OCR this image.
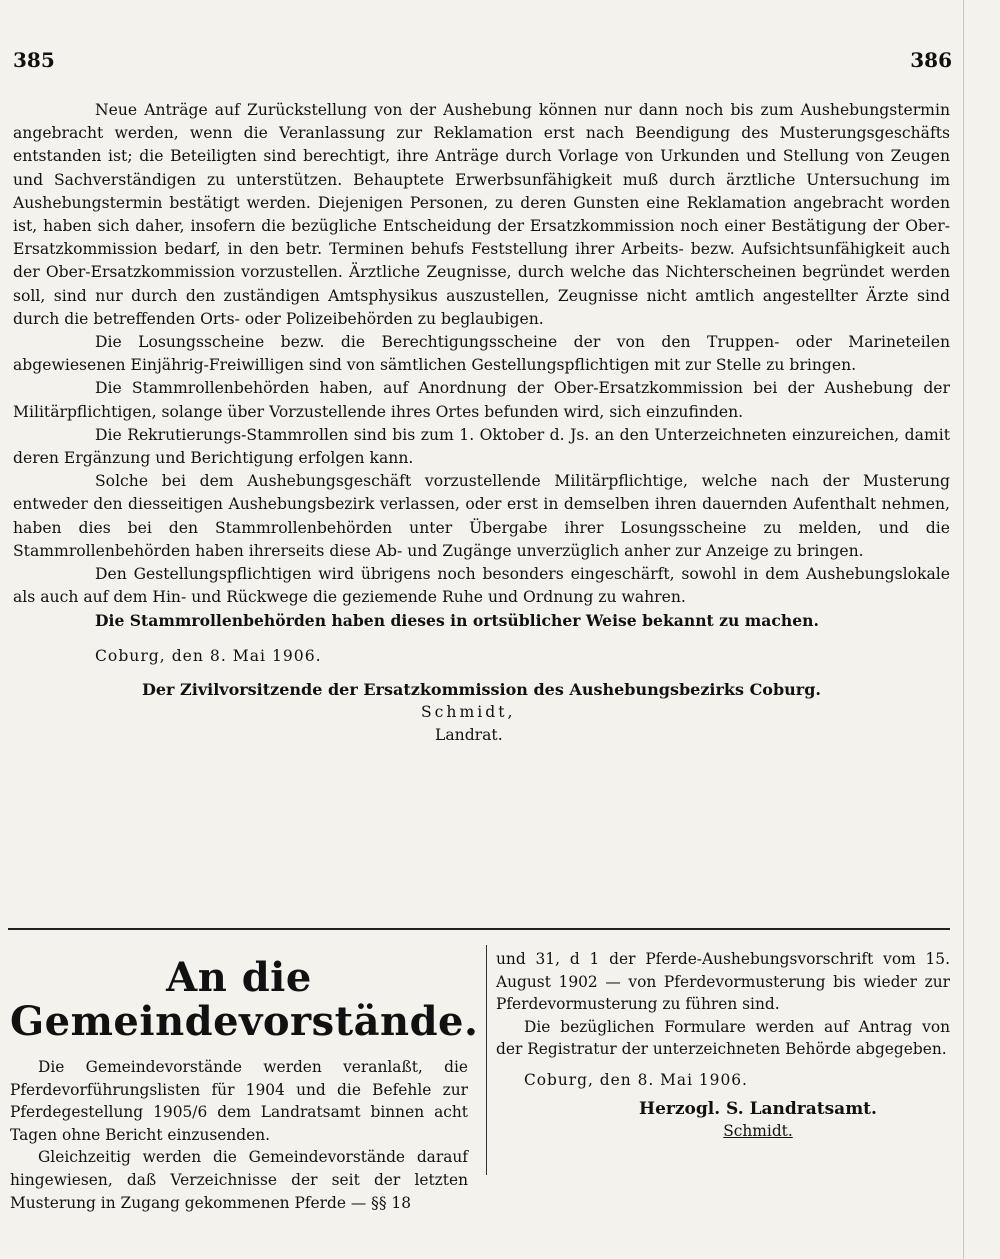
385	386

Neue Anträge auf Zurückstellung von der Aushebung können nur dann noch bis zum Aushebungstermin angebracht werden, wenn die Veranlassung zur Reklamation erst nach Beendigung des Musterungsgeschäfts entstanden ist; die Beteiligten sind berechtigt, ihre Anträge durch Vorlage von Urkunden und Stellung von Zeugen und Sachverständigen zu unterstützen. Behauptete Erwerbsunfähigkeit muß durch ärztliche Untersuchung im Aushebungstermin bestätigt werden. Diejenigen Personen, zu deren Gunsten eine Reklamation angebracht worden ist, haben sich daher, insofern die bezügliche Entscheidung der Ersatzkommission noch einer Bestätigung der Ober-Ersatzkommission bedarf, in den betr. Terminen behufs Feststellung ihrer Arbeits- bezw. Aufsichtsunfähigkeit auch der Ober-Ersatzkommission vorzustellen. Ärztliche Zeugnisse, durch welche das Nichterscheinen begründet werden soll, sind nur durch den zuständigen Amtsphysikus auszustellen, Zeugnisse nicht amtlich angestellter Ärzte sind durch die betreffenden Orts- oder Polizeibehörden zu beglaubigen.

Die Losungsscheine bezw. die Berechtigungsscheine der von den Truppen- oder Marineteilen abgewiesenen Einjährig-Freiwilligen sind von sämtlichen Gestellungspflichtigen mit zur Stelle zu bringen.

Die Stammrollenbehörden haben, auf Anordnung der Ober-Ersatzkommission bei der Aushebung der Militärpflichtigen, solange über Vorzustellende ihres Ortes befunden wird, sich einzufinden.

Die Rekrutierungs-Stammrollen sind bis zum 1. Oktober d. Js. an den Unterzeichneten einzureichen, damit deren Ergänzung und Berichtigung erfolgen kann.

Solche bei dem Aushebungsgeschäft vorzustellende Militärpflichtige, welche nach der Musterung entweder den diesseitigen Aushebungsbezirk verlassen, oder erst in demselben ihren dauernden Aufenthalt nehmen, haben dies bei den Stammrollenbehörden unter Übergabe ihrer Losungsscheine zu melden, und die Stammrollenbehörden haben ihrerseits diese Ab- und Zugänge unverzüglich anher zur Anzeige zu bringen.

Den Gestellungspflichtigen wird übrigens noch besonders eingeschärft, sowohl in dem Aushebungslokale als auch auf dem Hin- und Rückwege die geziemende Ruhe und Ordnung zu wahren.

Die Stammrollenbehörden haben dieses in ortsüblicher Weise bekannt zu machen.

Coburg, den 8. Mai 1906.

Der Zivilvorsitzende der Ersatzkommission des Aushebungsbezirks Coburg.

Schmidt,

Landrat.

An die Gemeindevorstände.

Die Gemeindevorstände werden veranlaßt, die Pferdevorführungslisten für 1904 und die Befehle zur Pferdegestellung 1905/6 dem Landratsamt binnen acht Tagen ohne Bericht einzusenden.

Gleichzeitig werden die Gemeindevorstände darauf hingewiesen, daß Verzeichnisse der seit der letzten Musterung in Zugang gekommenen Pferde — §§ 18

und 31, d 1 der Pferde-Aushebungsvorschrift vom 15. August 1902 — von Pferdevormusterung bis wieder zur Pferdevormusterung zu führen sind.

Die bezüglichen Formulare werden auf Antrag von der Registratur der unterzeichneten Behörde abgegeben.

Coburg, den 8. Mai 1906.

Herzogl. S. Landratsamt.

Schmidt.
